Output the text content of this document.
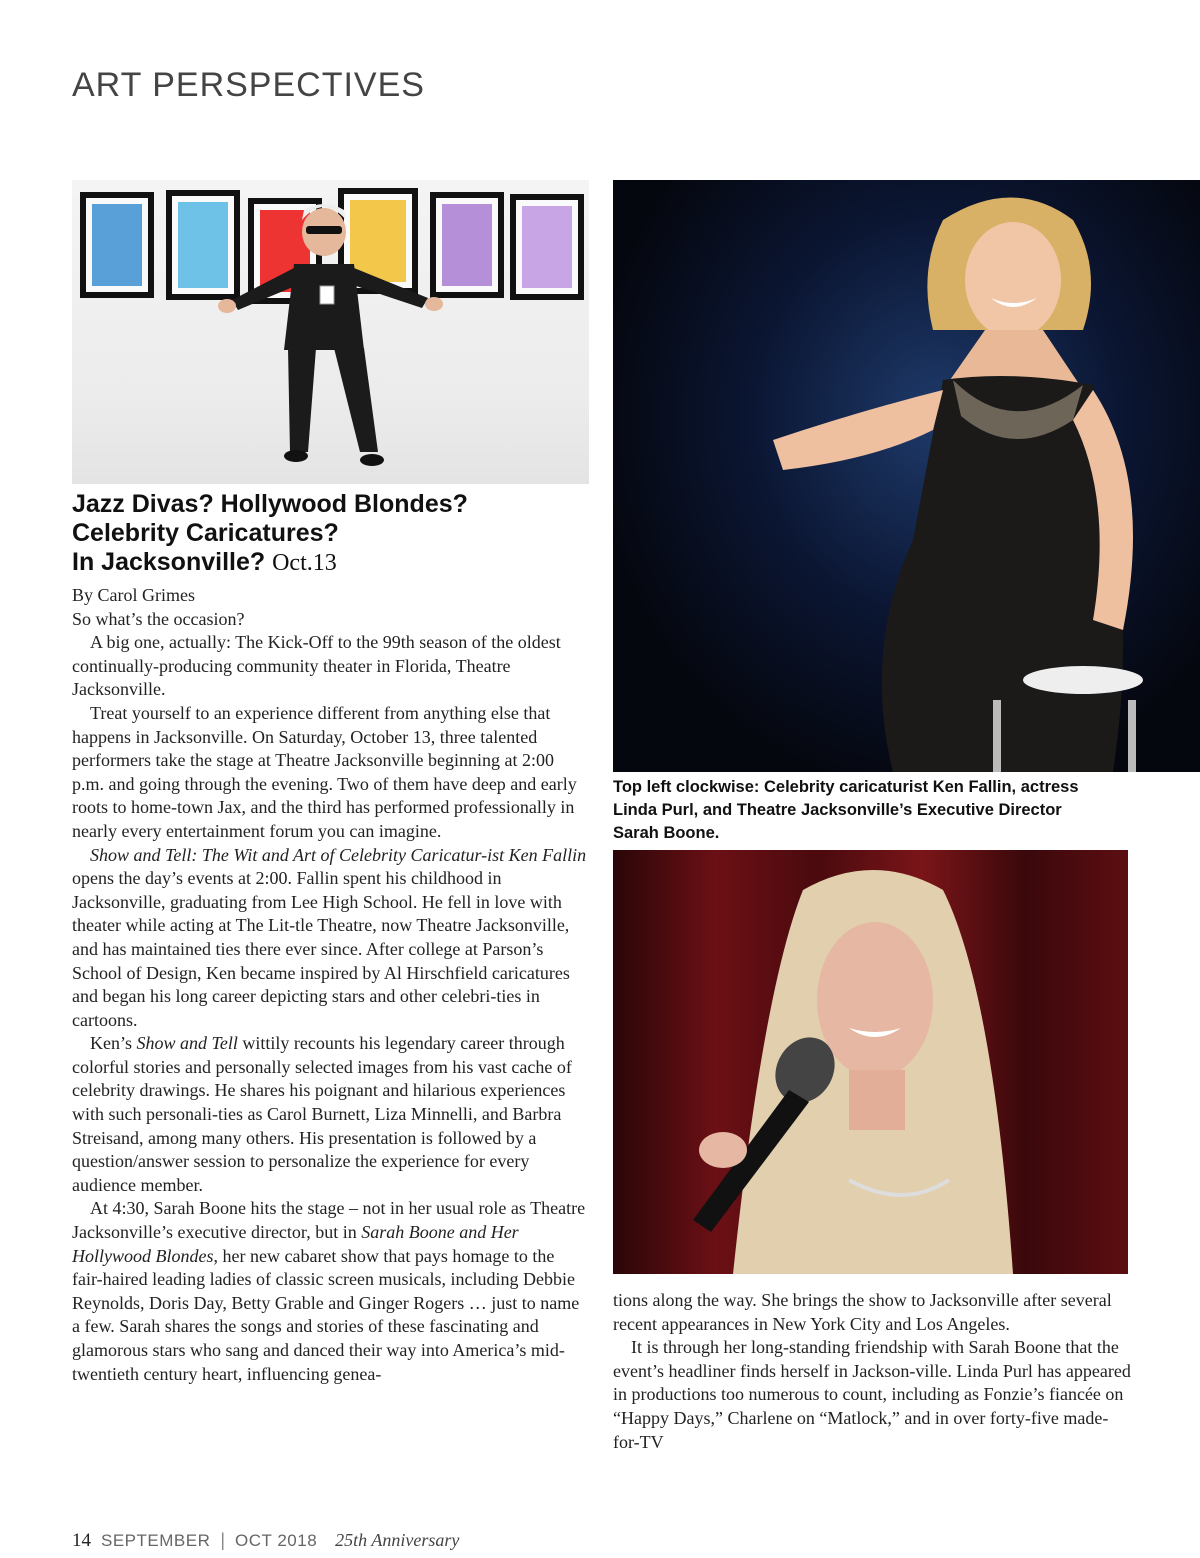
ART PERSPECTIVES
Top left clockwise: Celebrity caricaturist Ken Fallin, actress Linda Purl, and Theatre Jacksonville’s Executive Director Sarah Boone.
Jazz Divas? Hollywood Blondes?
Celebrity Caricatures?
In Jacksonville? Oct.13

By Carol Grimes

So what’s the occasion?

A big one, actually: The Kick-Off to the 99th season of the oldest continually-producing community theater in Florida, Theatre Jacksonville.

Treat yourself to an experience different from anything else that happens in Jacksonville. On Saturday, October 13, three talented performers take the stage at Theatre Jacksonville beginning at 2:00 p.m. and going through the evening. Two of them have deep and early roots to home-town Jax, and the third has performed professionally in nearly every entertainment forum you can imagine.

Show and Tell: The Wit and Art of Celebrity Caricatur-ist Ken Fallin opens the day’s events at 2:00. Fallin spent his childhood in Jacksonville, graduating from Lee High School. He fell in love with theater while acting at The Lit-tle Theatre, now Theatre Jacksonville, and has maintained ties there ever since. After college at Parson’s School of Design, Ken became inspired by Al Hirschfield caricatures and began his long career depicting stars and other celebri-ties in cartoons.

Ken’s Show and Tell wittily recounts his legendary career through colorful stories and personally selected images from his vast cache of celebrity drawings. He shares his poignant and hilarious experiences with such personali-ties as Carol Burnett, Liza Minnelli, and Barbra Streisand, among many others. His presentation is followed by a question/answer session to personalize the experience for every audience member.

At 4:30, Sarah Boone hits the stage – not in her usual role as Theatre Jacksonville’s executive director, but in Sarah Boone and Her Hollywood Blondes, her new cabaret show that pays homage to the fair-haired leading ladies of classic screen musicals, including Debbie Reynolds, Doris Day, Betty Grable and Ginger Rogers … just to name a few. Sarah shares the songs and stories of these fascinating and glamorous stars who sang and danced their way into America’s mid-twentieth century heart, influencing genea-

tions along the way. She brings the show to Jacksonville after several recent appearances in New York City and Los Angeles.

It is through her long-standing friendship with Sarah Boone that the event’s headliner finds herself in Jackson-ville. Linda Purl has appeared in productions too numerous to count, including as Fonzie’s fiancée on “Happy Days,” Charlene on “Matlock,” and in over forty-five made-for-TV

14 SEPTEMBER | OCT 2018 25th Anniversary
